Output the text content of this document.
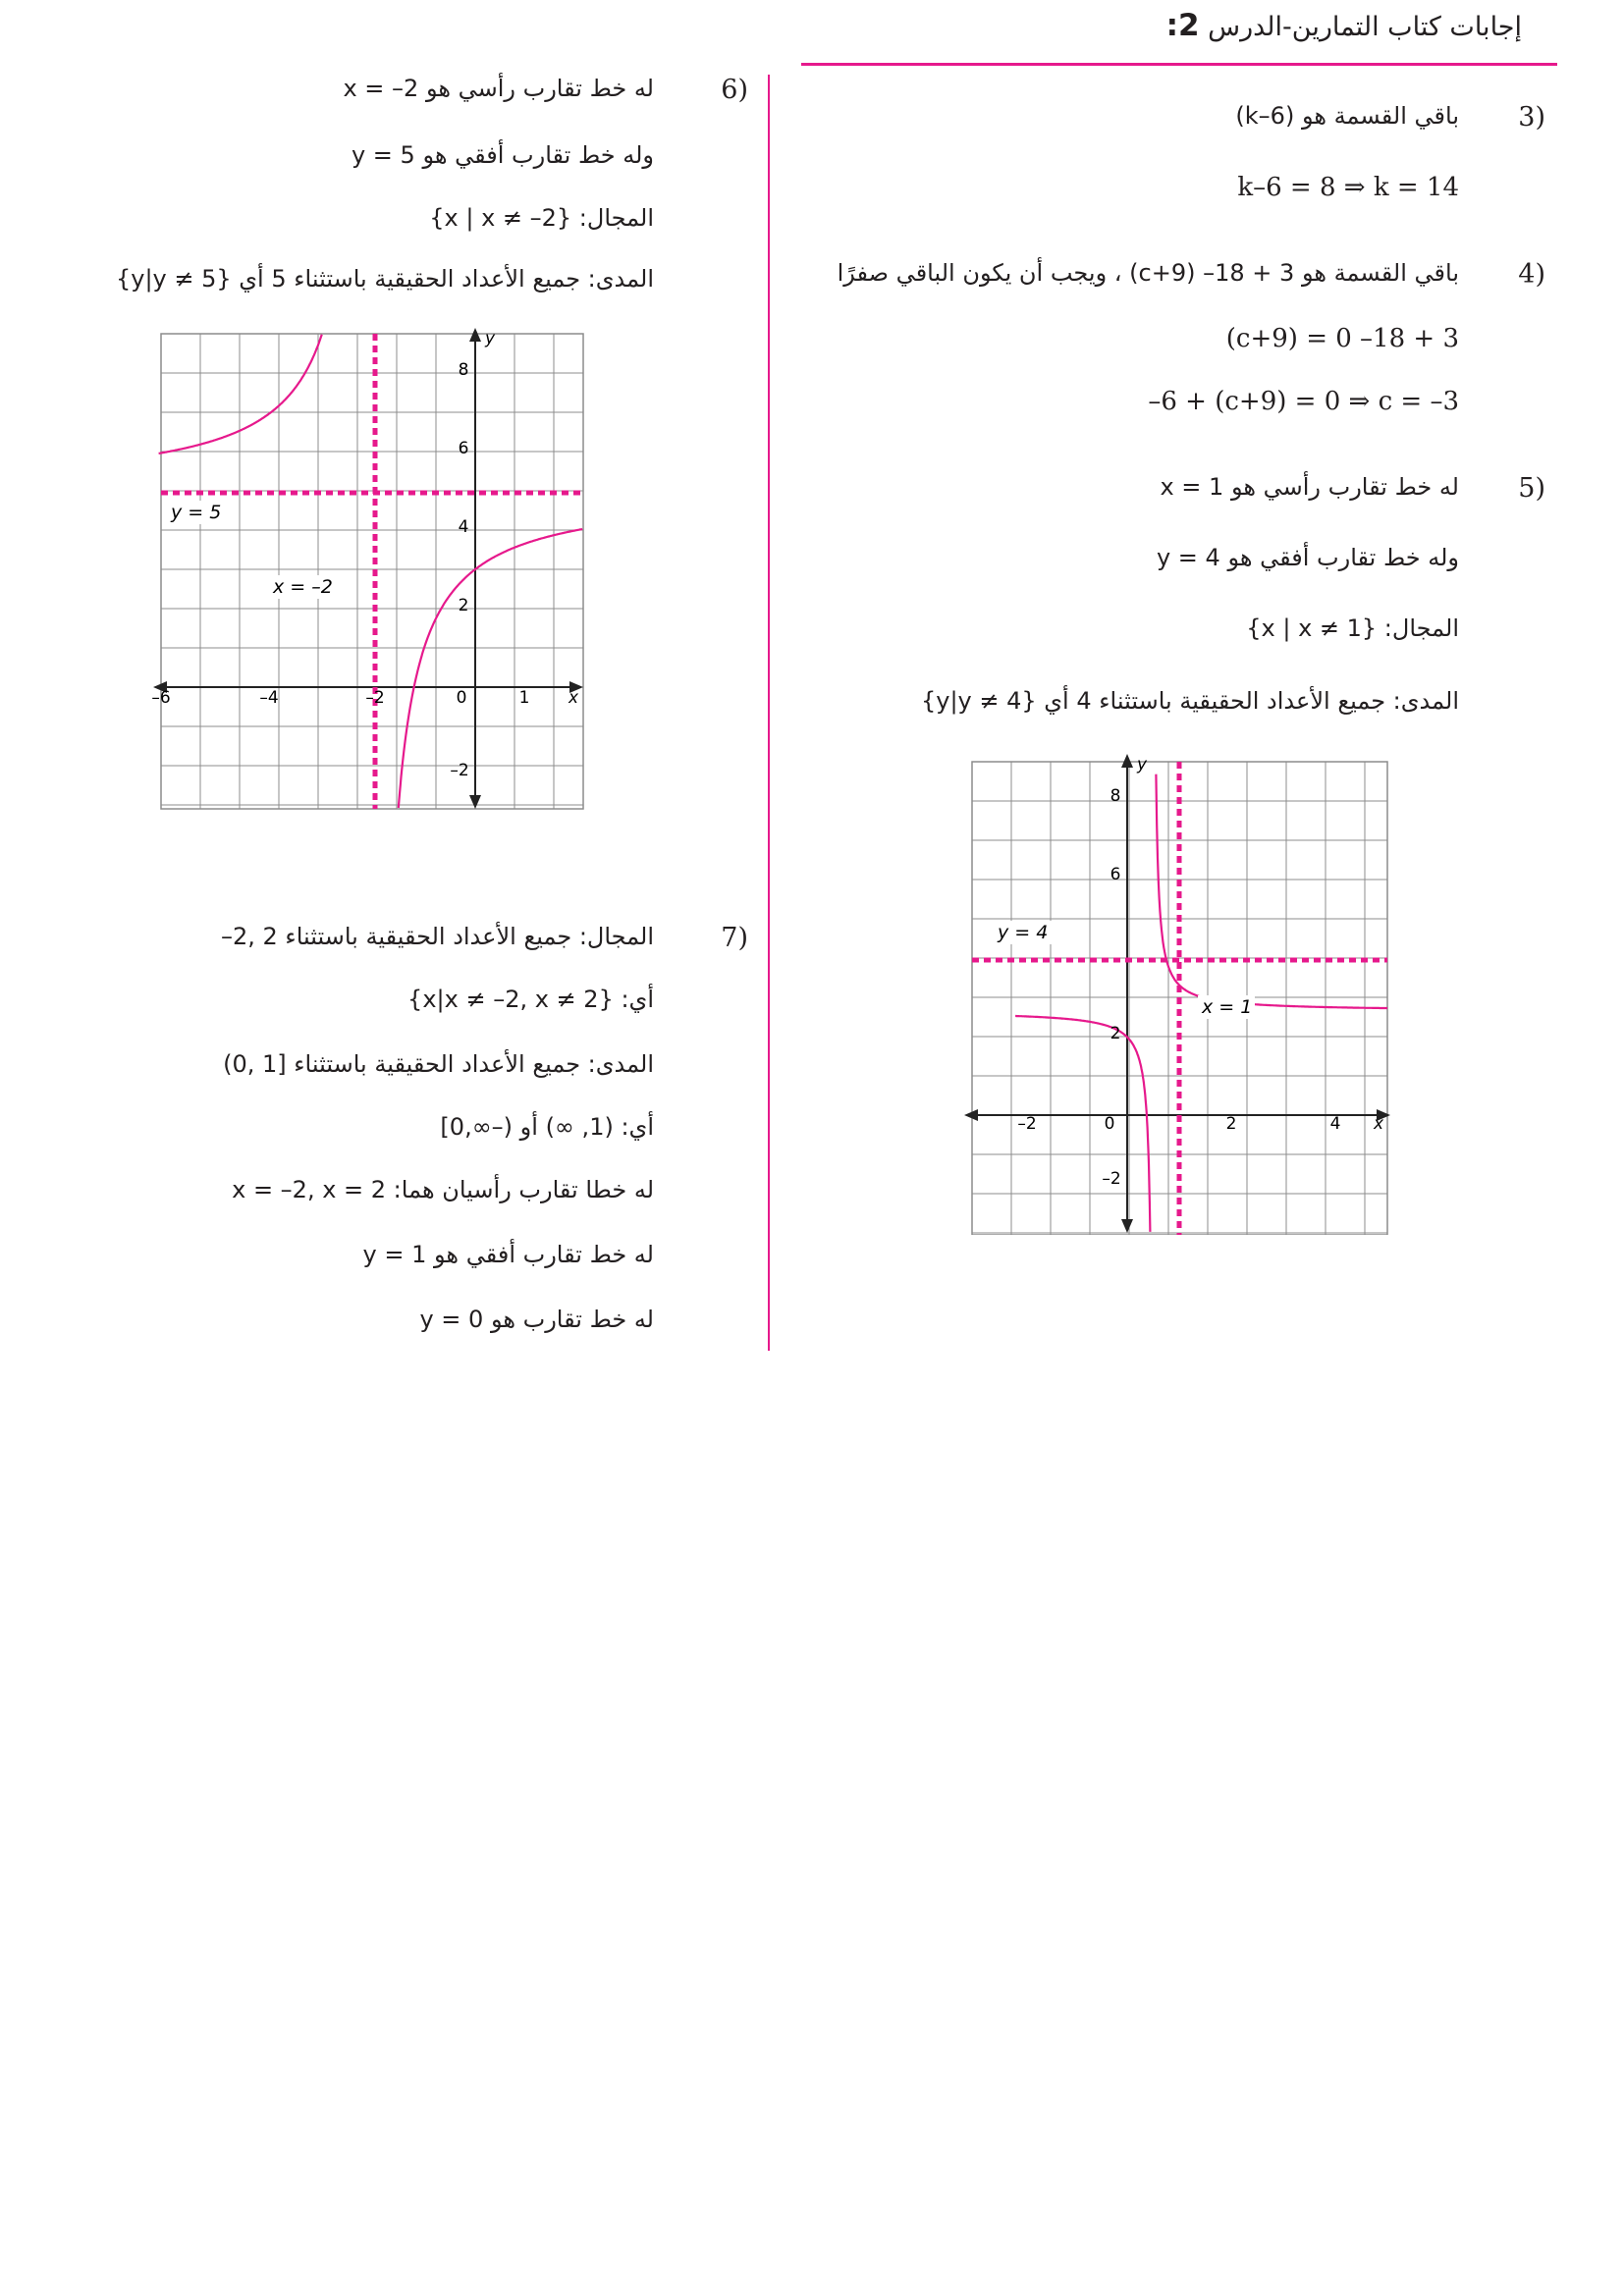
إجابات كتاب التمارين-الدرس 2:
3)
باقي القسمة هو (k–6)
k–6 = 8 ⇒ k = 14
4)
باقي القسمة هو 3 + 18– (c+9) ، ويجب أن يكون الباقي صفرًا
(c+9) = 0 –18 + 3
–6 + (c+9) = 0 ⇒ c = –3
5)
له خط تقارب رأسي هو x = 1
وله خط تقارب أفقي هو y = 4
المجال: {x | x ≠ 1}
المدى: جميع الأعداد الحقيقية باستثناء 4 أي {y|y ≠ 4}
–2	0	2	4 x
–2
2
6
8
y
x = 1
y = 4
6)
له خط تقارب رأسي هو x = –2
وله خط تقارب أفقي هو y = 5
المجال: {x | x ≠ –2}
المدى: جميع الأعداد الحقيقية باستثناء 5 أي {y|y ≠ 5}
–6	–4	–2	0	1 x
–2
2
4
6
8
y
x = –2
y = 5
7)
المجال: جميع الأعداد الحقيقية باستثناء 2 ,2–
أي: {x|x ≠ –2, x ≠ 2}
المدى: جميع الأعداد الحقيقية باستثناء [1 ,0)
أي: (1, ∞) أو (–∞,0]
له خطا تقارب رأسيان هما: x = –2, x = 2
له خط تقارب أفقي هو y = 1
له خط تقارب هو y = 0
